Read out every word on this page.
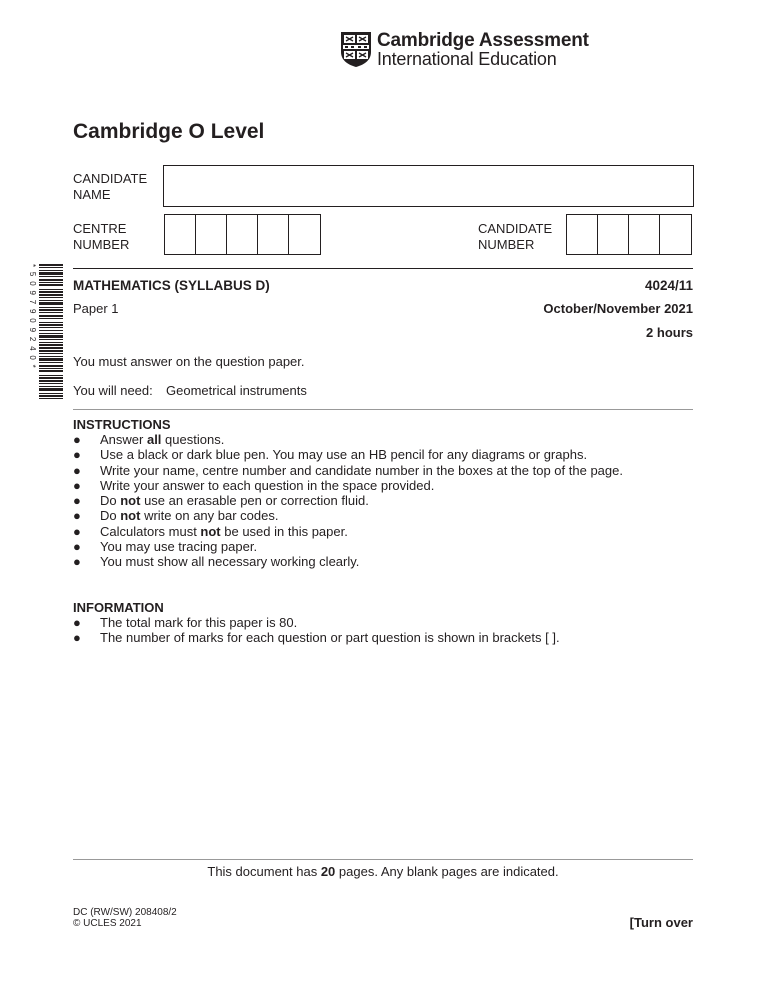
Cambridge Assessment
International Education
Cambridge O Level
CANDIDATE
NAME
CENTRE
NUMBER
CANDIDATE
NUMBER
* 5 0 9 7 9 0 9 2 4 0 *	MATHEMATICS (SYLLABUS D)	4024/11
Paper 1	October/November 2021
2 hours
You must answer on the question paper.
You will need: Geometrical instruments
INSTRUCTIONS
● Answer all questions.
● Use a black or dark blue pen. You may use an HB pencil for any diagrams or graphs.
● Write your name, centre number and candidate number in the boxes at the top of the page.
● Write your answer to each question in the space provided.
● Do not use an erasable pen or correction fluid.
● Do not write on any bar codes.
● Calculators must not be used in this paper.
● You may use tracing paper.
● You must show all necessary working clearly.
INFORMATION
● The total mark for this paper is 80.
● The number of marks for each question or part question is shown in brackets [ ].
This document has 20 pages. Any blank pages are indicated.
DC (RW/SW) 208408/2
© UCLES 2021	[Turn over
